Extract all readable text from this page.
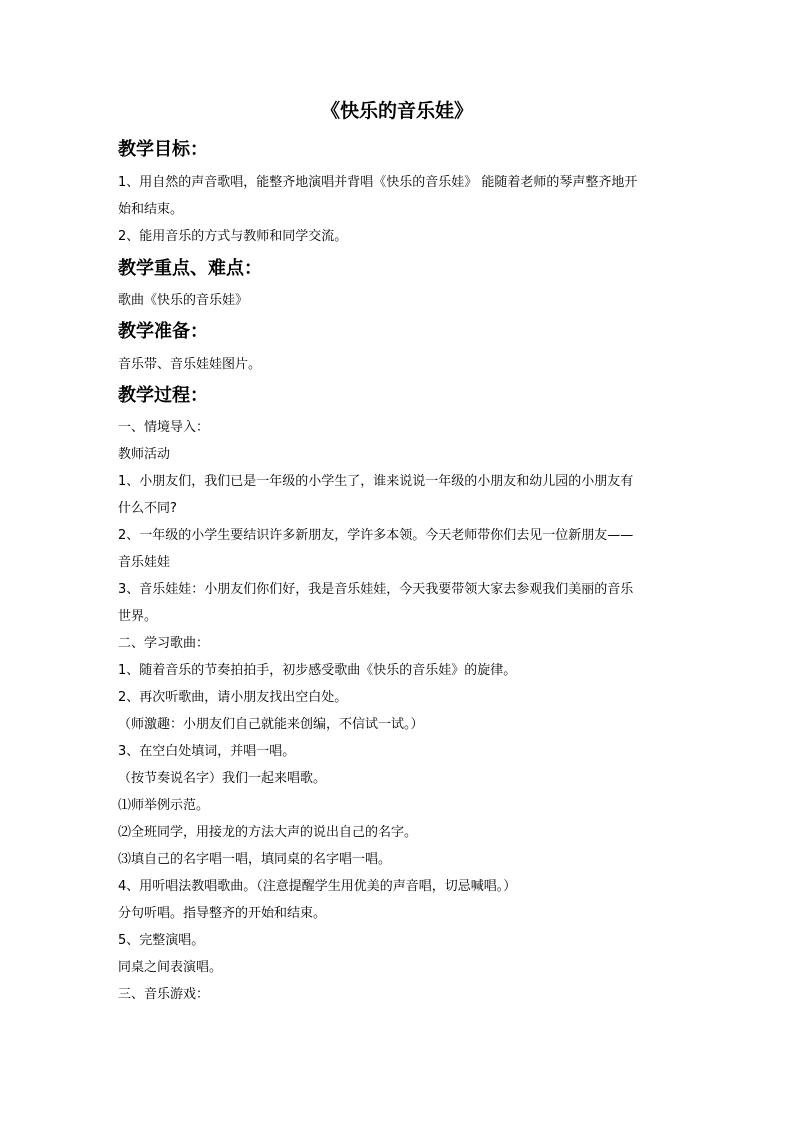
《快乐的音乐娃》
教学目标：
1、用自然的声音歌唱，能整齐地演唱并背唱《快乐的音乐娃》 能随着老师的琴声整齐地开
始和结束。
2、能用音乐的方式与教师和同学交流。
教学重点、难点：
歌曲《快乐的音乐娃》
教学准备：
音乐带、音乐娃娃图片。
教学过程：
一、情境导入：
教师活动
1、小朋友们，我们已是一年级的小学生了，谁来说说一年级的小朋友和幼儿园的小朋友有
什么不同?
2、一年级的小学生要结识许多新朋友，学许多本领。今天老师带你们去见一位新朋友——
音乐娃娃
3、音乐娃娃：小朋友们你们好，我是音乐娃娃，今天我要带领大家去参观我们美丽的音乐
世界。
二、学习歌曲：
1、随着音乐的节奏拍拍手，初步感受歌曲《快乐的音乐娃》的旋律。
2、再次听歌曲，请小朋友找出空白处。
（师激趣：小朋友们自己就能来创编，不信试一试。）
3、在空白处填词，并唱一唱。
（按节奏说名字）我们一起来唱歌。
⑴师举例示范。
⑵全班同学，用接龙的方法大声的说出自己的名字。
⑶填自己的名字唱一唱，填同桌的名字唱一唱。
4、用听唱法教唱歌曲。（注意提醒学生用优美的声音唱，切忌喊唱。）
分句听唱。指导整齐的开始和结束。
5、完整演唱。
同桌之间表演唱。
三、音乐游戏：
